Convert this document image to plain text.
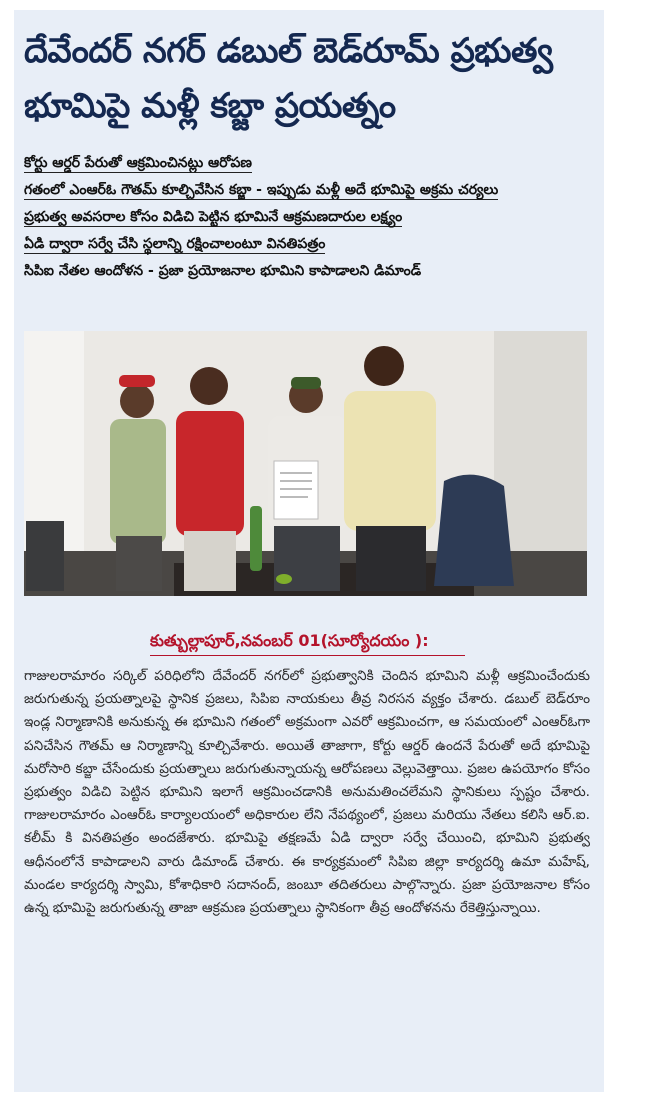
దేవేందర్ నగర్ డబుల్ బెడ్‌రూమ్ ప్రభుత్వ భూమిపై మళ్లీ కబ్జా ప్రయత్నం
కోర్టు ఆర్డర్ పేరుతో ఆక్రమించినట్లు ఆరోపణ
గతంలో ఎంఆర్‌ఓ గౌతమ్ కూల్చివేసిన కబ్జా - ఇప్పుడు మళ్లీ అదే భూమిపై అక్రమ చర్యలు
ప్రభుత్వ అవసరాల కోసం విడిచి పెట్టిన భూమినే ఆక్రమణదారుల లక్ష్యం
ఏడి ద్వారా సర్వే చేసి స్థలాన్ని రక్షించాలంటూ వినతిపత్రం
సిపిఐ నేతల ఆందోళన - ప్రజా ప్రయోజనాల భూమిని కాపాడాలని డిమాండ్

కుత్బుల్లాపూర్,నవంబర్ 01(సూర్యోదయం ):

గాజులరామారం సర్కిల్ పరిధిలోని దేవేందర్ నగర్‌లో ప్రభుత్వానికి చెందిన భూమిని మళ్లీ ఆక్రమించేందుకు జరుగుతున్న ప్రయత్నాలపై స్థానిక ప్రజలు, సిపిఐ నాయకులు తీవ్ర నిరసన వ్యక్తం చేశారు. డబుల్ బెడ్‌రూం ఇండ్ల నిర్మాణానికి అనుకున్న ఈ భూమిని గతంలో అక్రమంగా ఎవరో ఆక్రమించగా, ఆ సమయంలో ఎంఆర్‌ఓగా పనిచేసిన గౌతమ్ ఆ నిర్మాణాన్ని కూల్చివేశారు. అయితే తాజాగా, కోర్టు ఆర్డర్ ఉందనే పేరుతో అదే భూమిపై మరోసారి కబ్జా చేసేందుకు ప్రయత్నాలు జరుగుతున్నాయన్న ఆరోపణలు వెల్లువెత్తాయి. ప్రజల ఉపయోగం కోసం ప్రభుత్వం విడిచి పెట్టిన భూమిని ఇలాగే ఆక్రమించడానికి అనుమతించలేమని స్థానికులు స్పష్టం చేశారు. గాజులరామారం ఎంఆర్‌ఓ కార్యాలయంలో అధికారుల లేని నేపథ్యంలో, ప్రజలు మరియు నేతలు కలిసి ఆర్.ఐ. కలీమ్ కి వినతిపత్రం అందజేశారు. భూమిపై తక్షణమే ఏడి ద్వారా సర్వే చేయించి, భూమిని ప్రభుత్వ ఆధీనంలోనే కాపాడాలని వారు డిమాండ్ చేశారు. ఈ కార్యక్రమంలో సిపిఐ జిల్లా కార్యదర్శి ఉమా మహేష్, మండల కార్యదర్శి స్వామి, కోశాధికారి సదానంద్, జంబూ తదితరులు పాల్గొన్నారు. ప్రజా ప్రయోజనాల కోసం ఉన్న భూమిపై జరుగుతున్న తాజా ఆక్రమణ ప్రయత్నాలు స్థానికంగా తీవ్ర ఆందోళనను రేకెత్తిస్తున్నాయి.
